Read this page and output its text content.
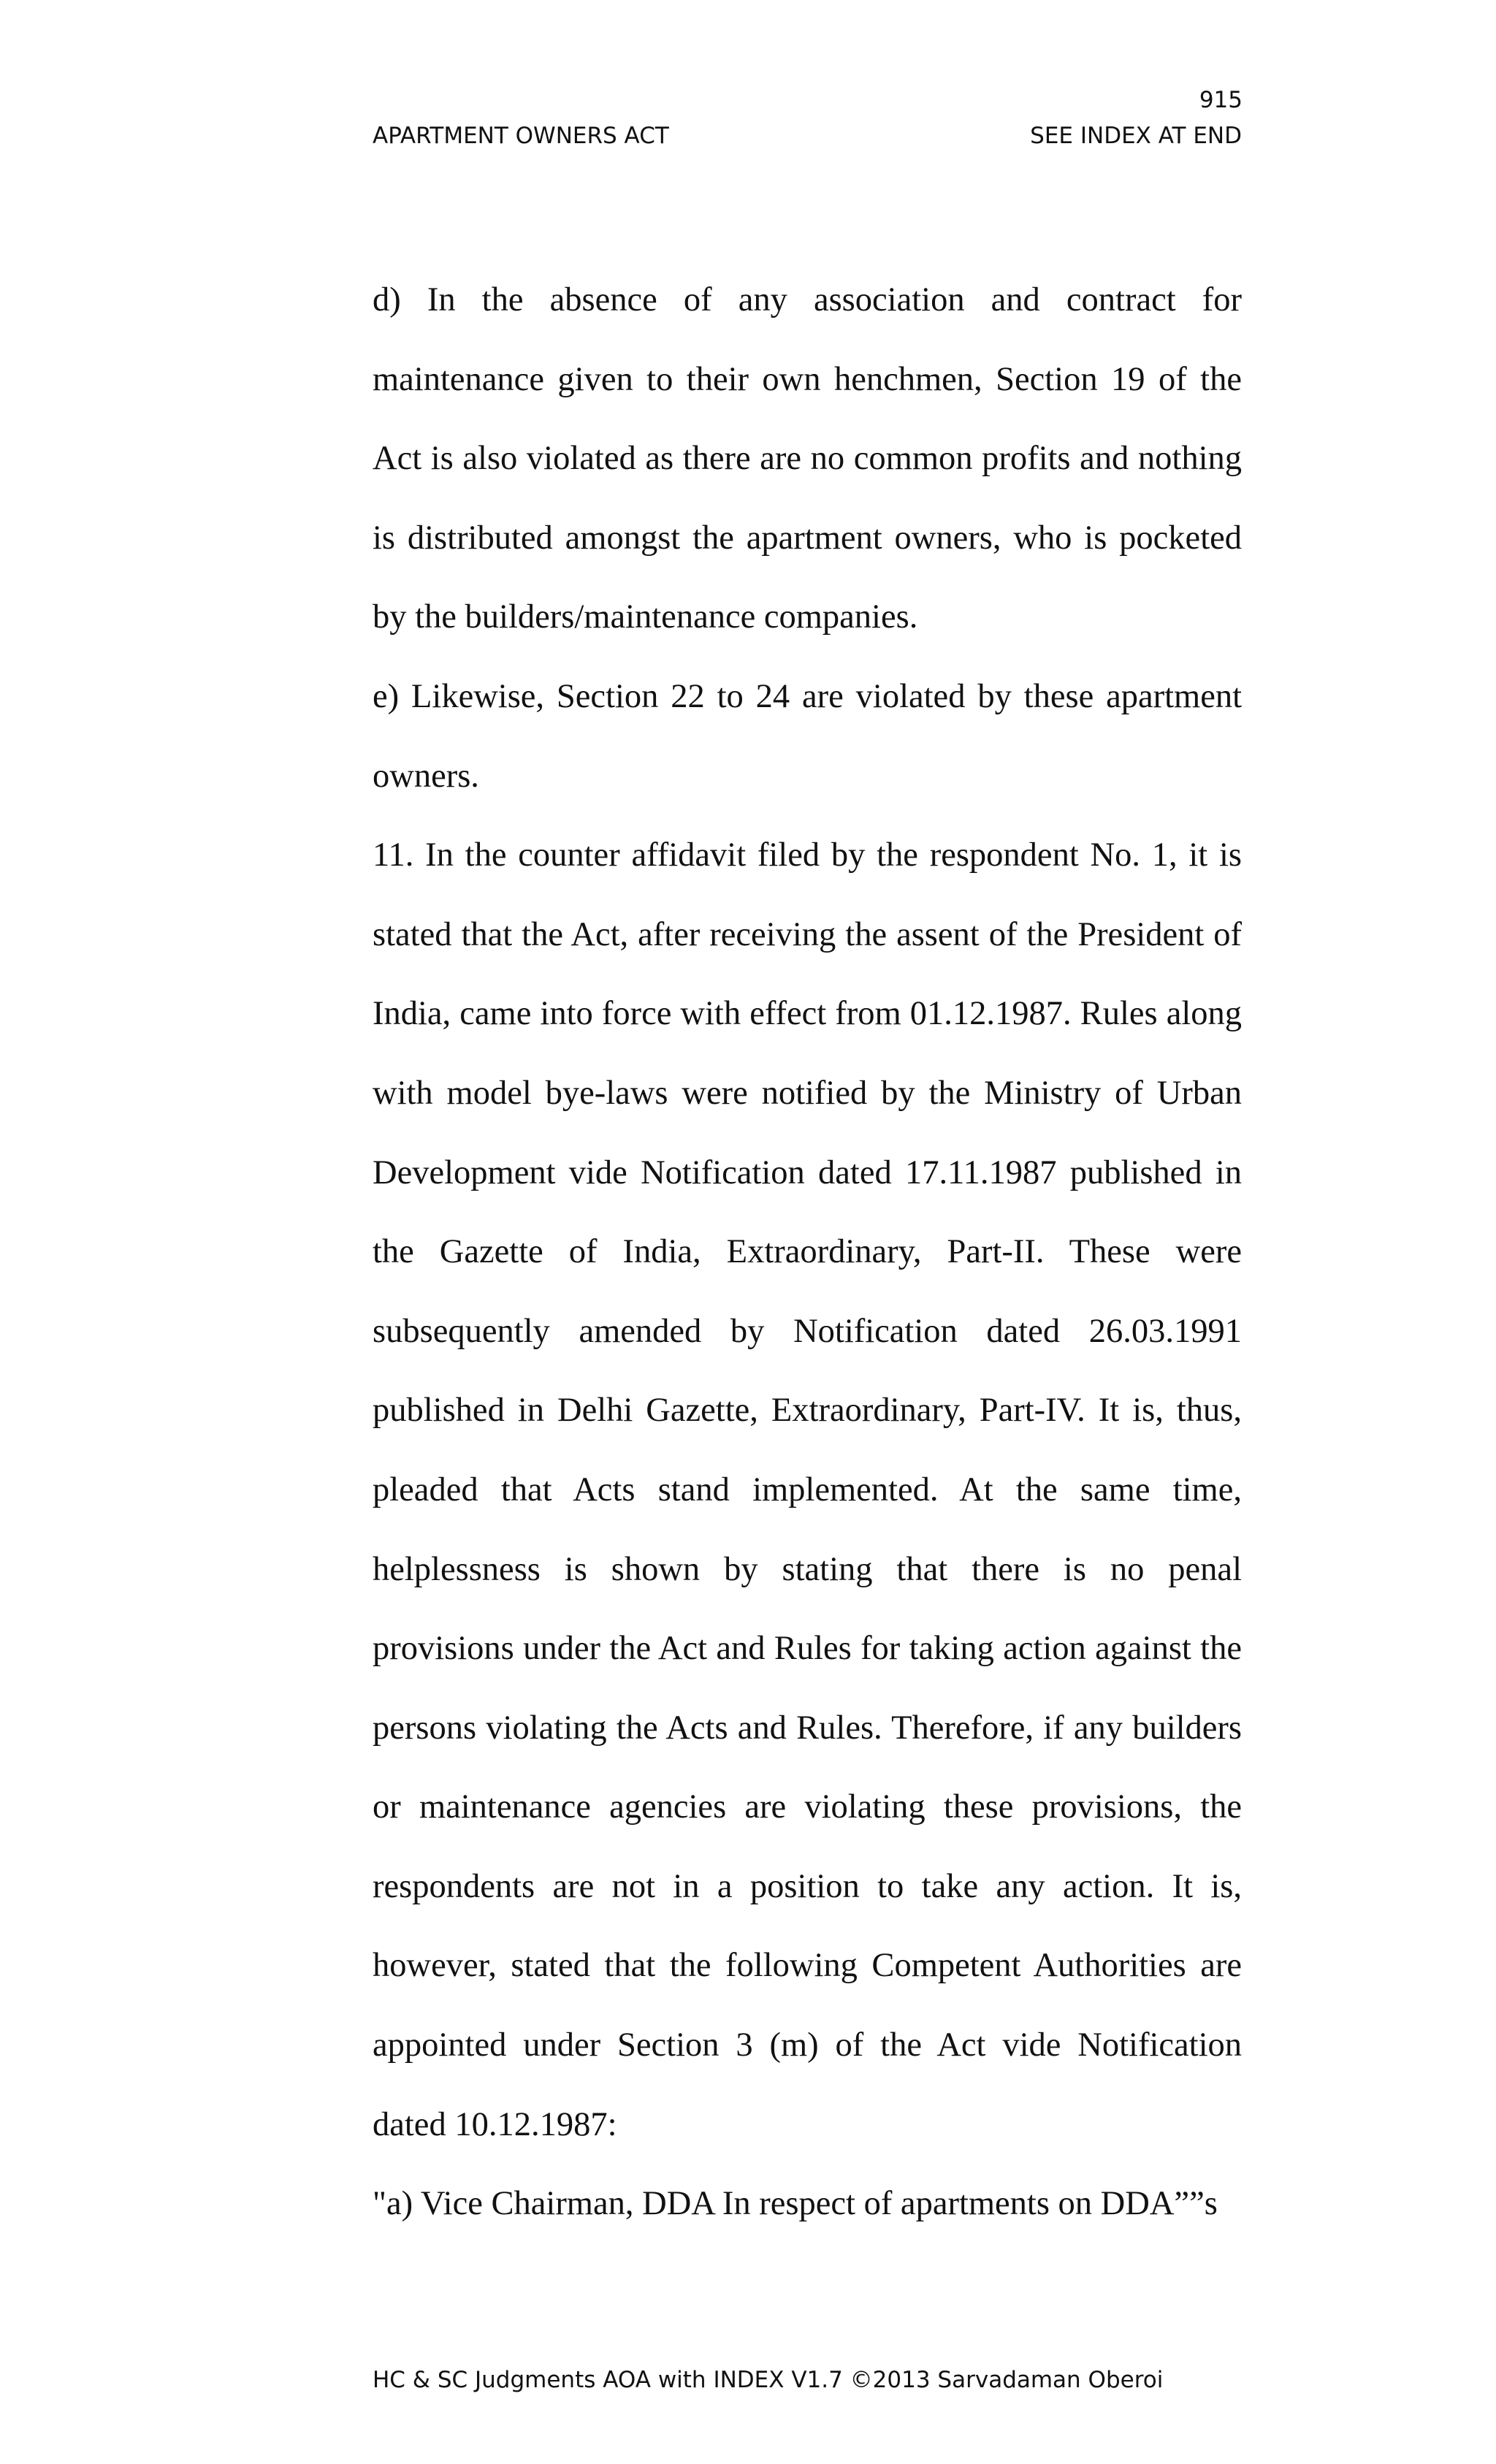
915
APARTMENT OWNERS ACT	SEE INDEX AT END

d) In the absence of any association and contract for maintenance given to their own henchmen, Section 19 of the Act is also violated as there are no common profits and nothing is distributed amongst the apartment owners, who is pocketed by the builders/maintenance companies.

e) Likewise, Section 22 to 24 are violated by these apartment owners.

11. In the counter affidavit filed by the respondent No. 1, it is stated that the Act, after receiving the assent of the President of India, came into force with effect from 01.12.1987. Rules along with model bye-laws were notified by the Ministry of Urban Development vide Notification dated 17.11.1987 published in the Gazette of India, Extraordinary, Part-II. These were subsequently amended by Notification dated 26.03.1991 published in Delhi Gazette, Extraordinary, Part-IV. It is, thus, pleaded that Acts stand implemented. At the same time, helplessness is shown by stating that there is no penal provisions under the Act and Rules for taking action against the persons violating the Acts and Rules. Therefore, if any builders or maintenance agencies are violating these provisions, the respondents are not in a position to take any action. It is, however, stated that the following Competent Authorities are appointed under Section 3 (m) of the Act vide Notification dated 10.12.1987:

"a) Vice Chairman, DDA In respect of apartments on DDA””s

HC & SC Judgments AOA with INDEX V1.7 ©2013 Sarvadaman Oberoi
